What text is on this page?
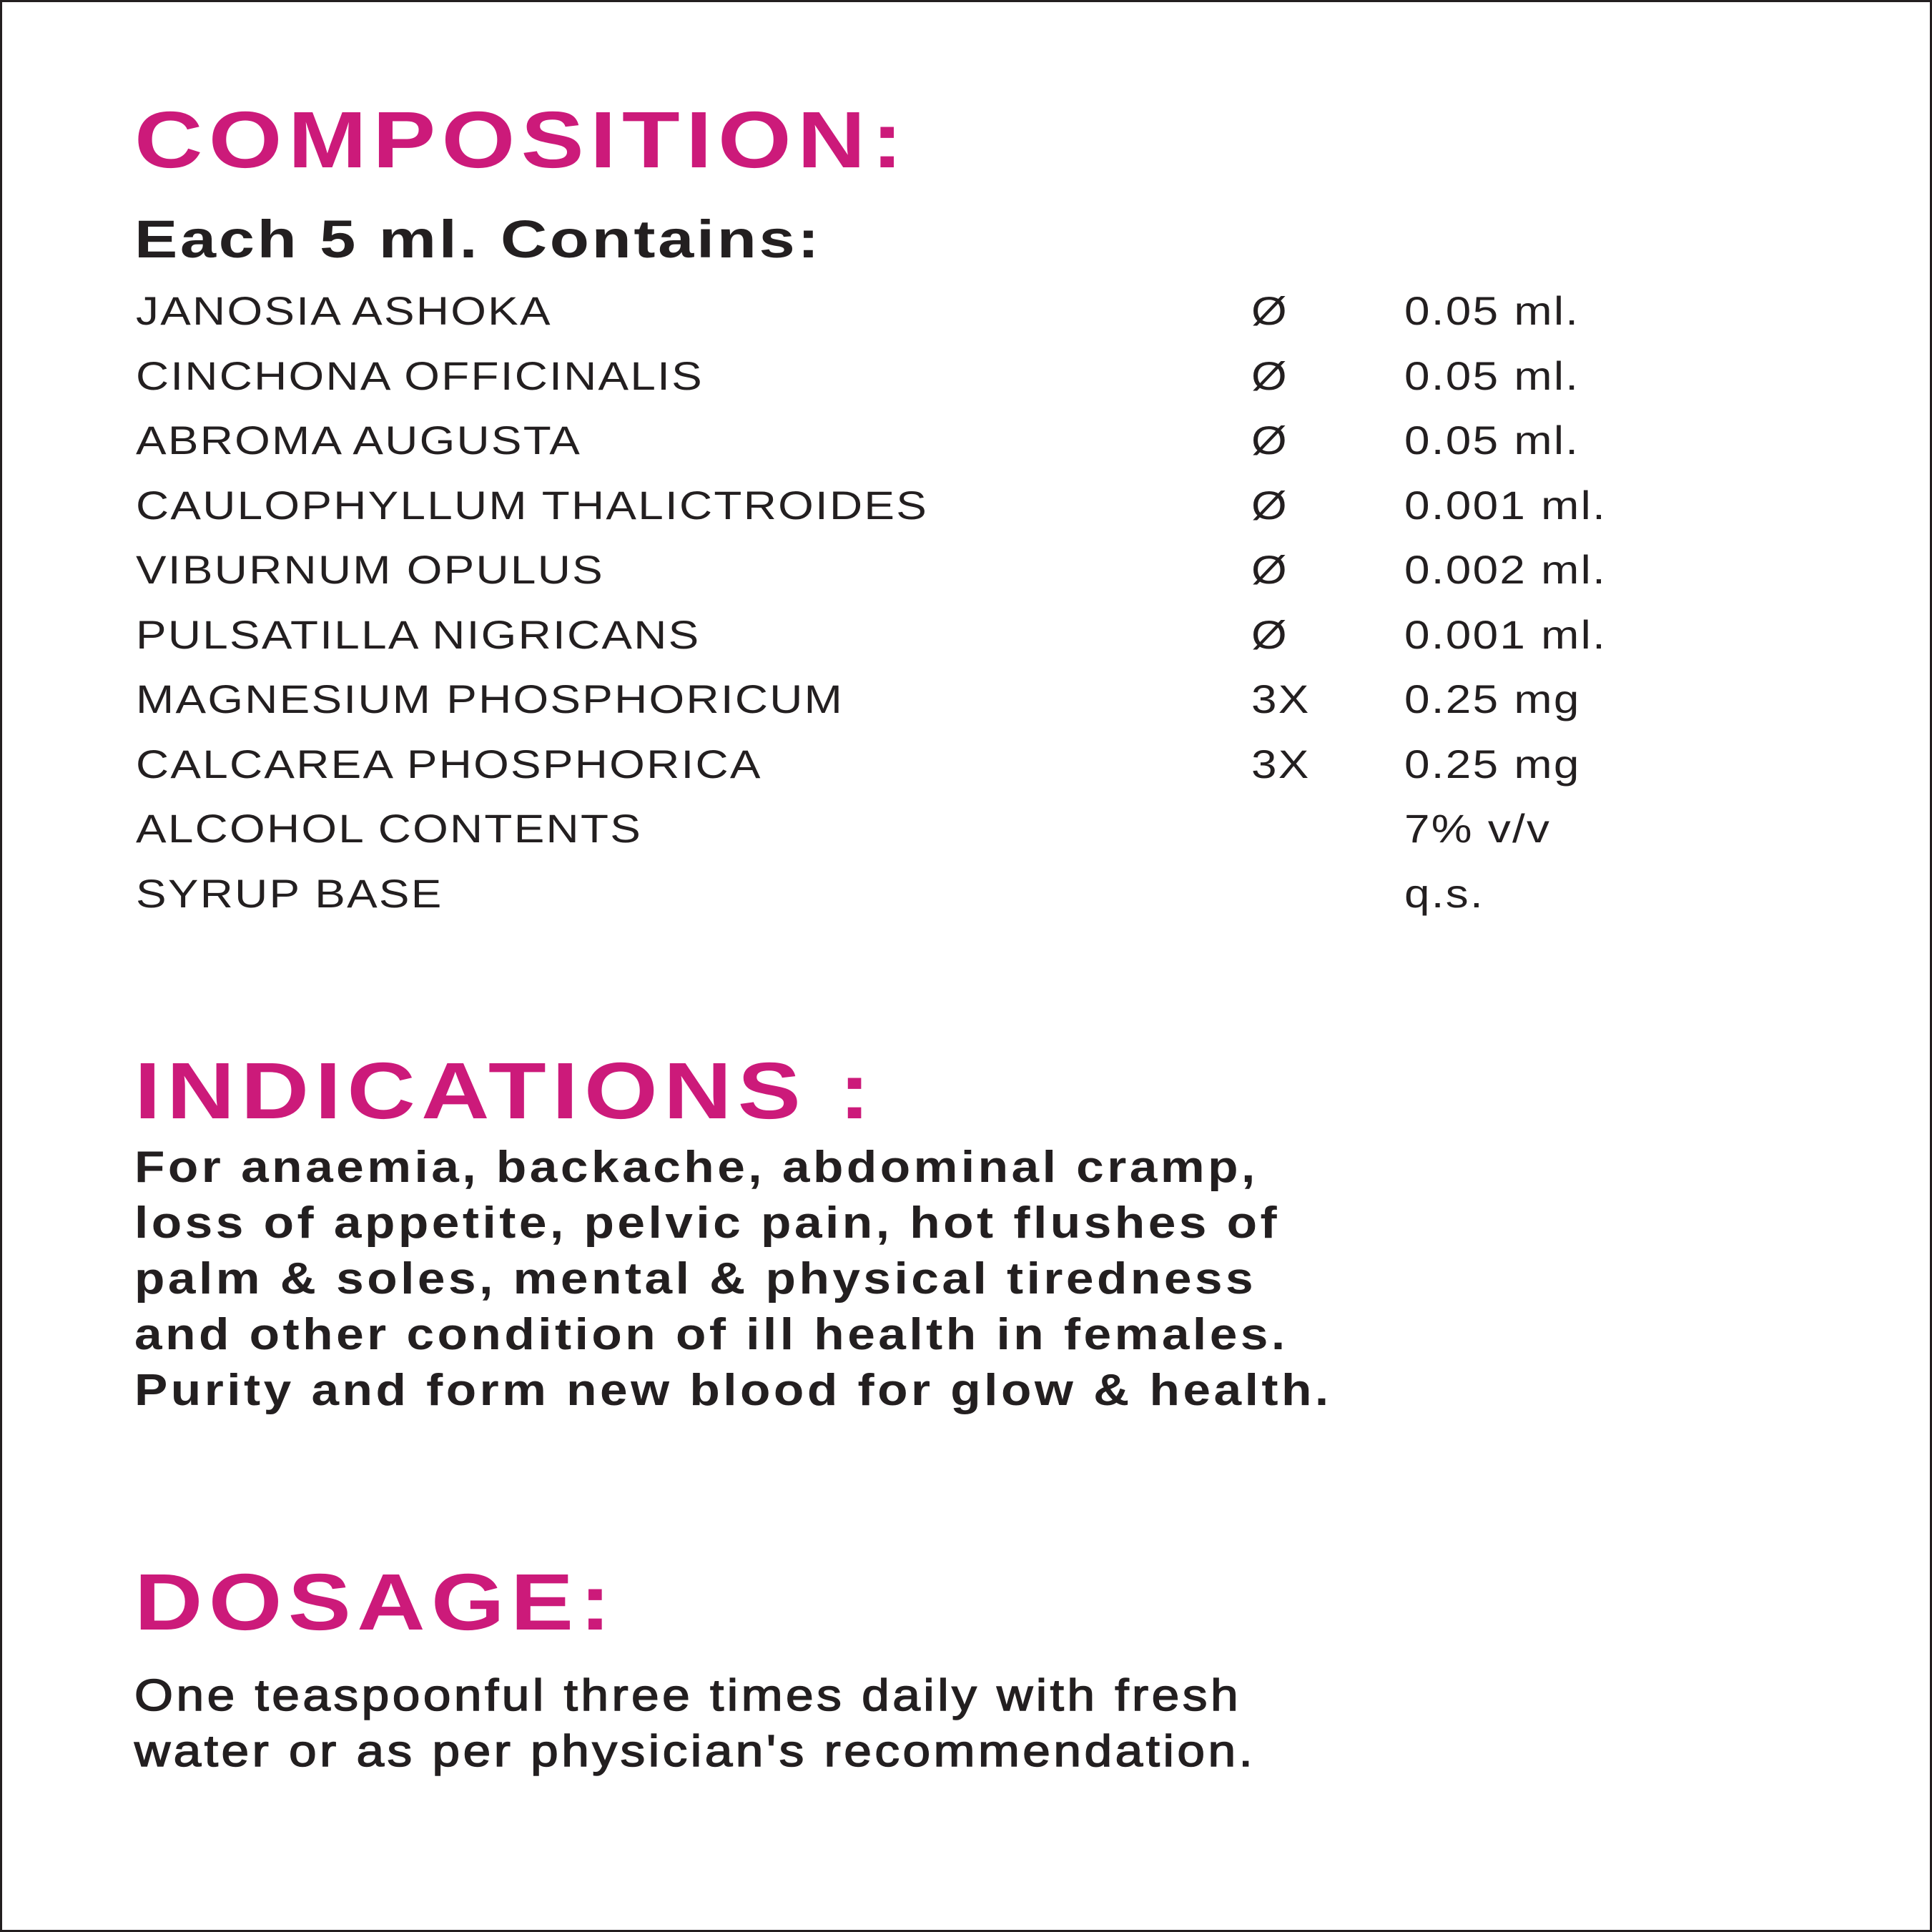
COMPOSITION:
Each 5 ml. Contains:
JANOSIA ASHOKA	Ø	0.05 ml.
CINCHONA OFFICINALIS	Ø	0.05 ml.
ABROMA AUGUSTA	Ø	0.05 ml.
CAULOPHYLLUM THALICTROIDES	Ø	0.001 ml.
VIBURNUM OPULUS	Ø	0.002 ml.
PULSATILLA NIGRICANS	Ø	0.001 ml.
MAGNESIUM PHOSPHORICUM	3X 0.25 mg
CALCAREA PHOSPHORICA	3X 0.25 mg
ALCOHOL CONTENTS	7% v/v
SYRUP BASE	q.s.
INDICATIONS :

For anaemia, backache, abdominal cramp,
loss of appetite, pelvic pain, hot flushes of
palm & soles, mental & physical tiredness
and other condition of ill health in females.
Purity and form new blood for glow & health.

DOSAGE:

One teaspoonful three times daily with fresh
water or as per physician's recommendation.
